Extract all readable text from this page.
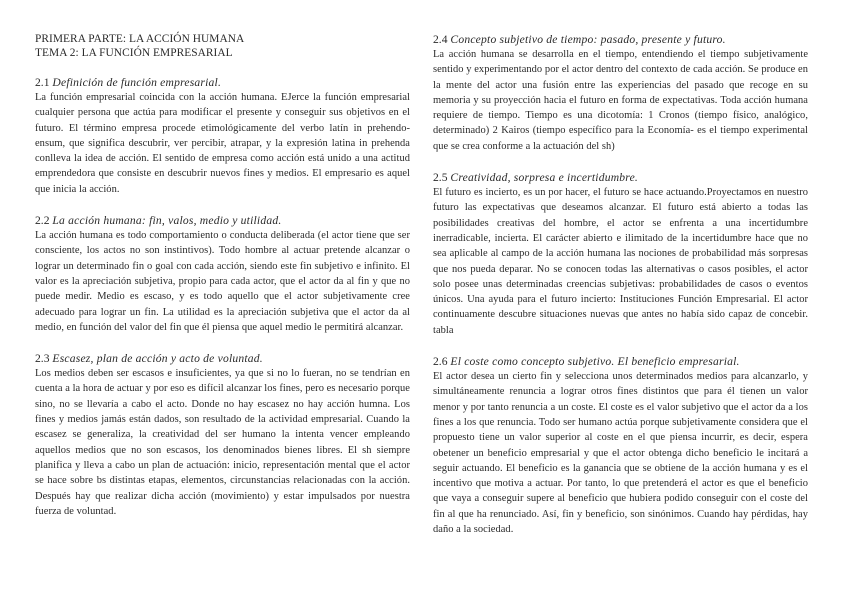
PRIMERA PARTE: LA ACCIÓN HUMANA

TEMA 2: LA FUNCIÓN EMPRESARIAL

2.1 Definición de función empresarial.

La función empresarial coincida con la acción humana. EJerce la función empresarial cualquier persona que actúa para modificar el presente y conseguir sus objetivos en el futuro. El término empresa procede etimológicamente del verbo latín in prehendo-ensum, que significa descubrir, ver percibir, atrapar, y la expresión latina in prehenda conlleva la idea de acción. El sentido de empresa como acción está unido a una actitud emprendedora que consiste en descubrir nuevos fines y medios. El empresario es aquel que inicia la acción.

2.2 La acción humana: fin, valos, medio y utilidad.

La acción humana es todo comportamiento o conducta deliberada (el actor tiene que ser consciente, los actos no son instintivos). Todo hombre al actuar pretende alcanzar o lograr un determinado fin o goal con cada acción, siendo este fin subjetivo e infinito. El valor es la apreciación subjetiva, propio para cada actor, que el actor da al fin y que no puede medir. Medio es escaso, y es todo aquello que el actor subjetivamente cree adecuado para lograr un fin. La utilidad es la apreciación subjetiva que el actor da al medio, en función del valor del fin que él piensa que aquel medio le permitirá alcanzar.

2.3 Escasez, plan de acción y acto de voluntad.

Los medios deben ser escasos e insuficientes, ya que si no lo fueran, no se tendrían en cuenta a la hora de actuar y por eso es difícil alcanzar los fines, pero es necesario porque sino, no se llevaría a cabo el acto. Donde no hay escasez no hay acción humna. Los fines y medios jamás están dados, son resultado de la actividad empresarial. Cuando la escasez se generaliza, la creatividad del ser humano la intenta vencer empleando aquellos medios que no son escasos, los denominados bienes libres. El sh siempre planifica y lleva a cabo un plan de actuación: inicio, representación mental que el actor se hace sobre bs distintas etapas, elementos, circunstancias relacionadas con la acción. Después hay que realizar dicha acción (movimiento) y estar impulsados por nuestra fuerza de voluntad.

2.4 Concepto subjetivo de tiempo: pasado, presente y futuro.

La acción humana se desarrolla en el tiempo, entendiendo el tiempo subjetivamente sentido y experimentando por el actor dentro del contexto de cada acción. Se produce en la mente del actor una fusión entre las experiencias del pasado que recoge en su memoria y su proyección hacia el futuro en forma de expectativas. Toda acción humana requiere de tiempo. Tiempo es una dicotomía: 1 Cronos (tiempo físico, analógico, determinado) 2 Kairos (tiempo específico para la Economía- es el tiempo experimental que se crea conforme a la actuación del sh)

2.5 Creatividad, sorpresa e incertidumbre.

El futuro es incierto, es un por hacer, el futuro se hace actuando.Proyectamos en nuestro futuro las expectativas que deseamos alcanzar. El futuro está abierto a todas las posibilidades creativas del hombre, el actor se enfrenta a una incertidumbre inerradicable, incierta. El carácter abierto e ilimitado de la incertidumbre hace que no sea aplicable al campo de la acción humana las nociones de probabilidad más sorpresas que nos pueda deparar. No se conocen todas las alternativas o casos posibles, el actor solo posee unas determinadas creencias subjetivas: probabilidades de casos o eventos únicos. Una ayuda para el futuro incierto: Instituciones Función Empresarial. El actor continuamente descubre situaciones nuevas que antes no había sido capaz de concebir. tabla

2.6 El coste como concepto subjetivo. El beneficio empresarial.

El actor desea un cierto fin y selecciona unos determinados medios para alcanzarlo, y simultáneamente renuncia a lograr otros fines distintos que para él tienen un valor menor y por tanto renuncia a un coste. El coste es el valor subjetivo que el actor da a los fines a los que renuncia. Todo ser humano actúa porque subjetivamente considera que el propuesto tiene un valor superior al coste en el que piensa incurrir, es decir, espera obetener un beneficio empresarial y que el actor obtenga dicho beneficio le incitará a seguir actuando. El beneficio es la ganancia que se obtiene de la acción humana y es el incentivo que motiva a actuar. Por tanto, lo que pretenderá el actor es que el beneficio que vaya a conseguir supere al beneficio que hubiera podido conseguir con el coste del fin al que ha renunciado. Así, fin y beneficio, son sinónimos. Cuando hay pérdidas, hay daño a la sociedad.
